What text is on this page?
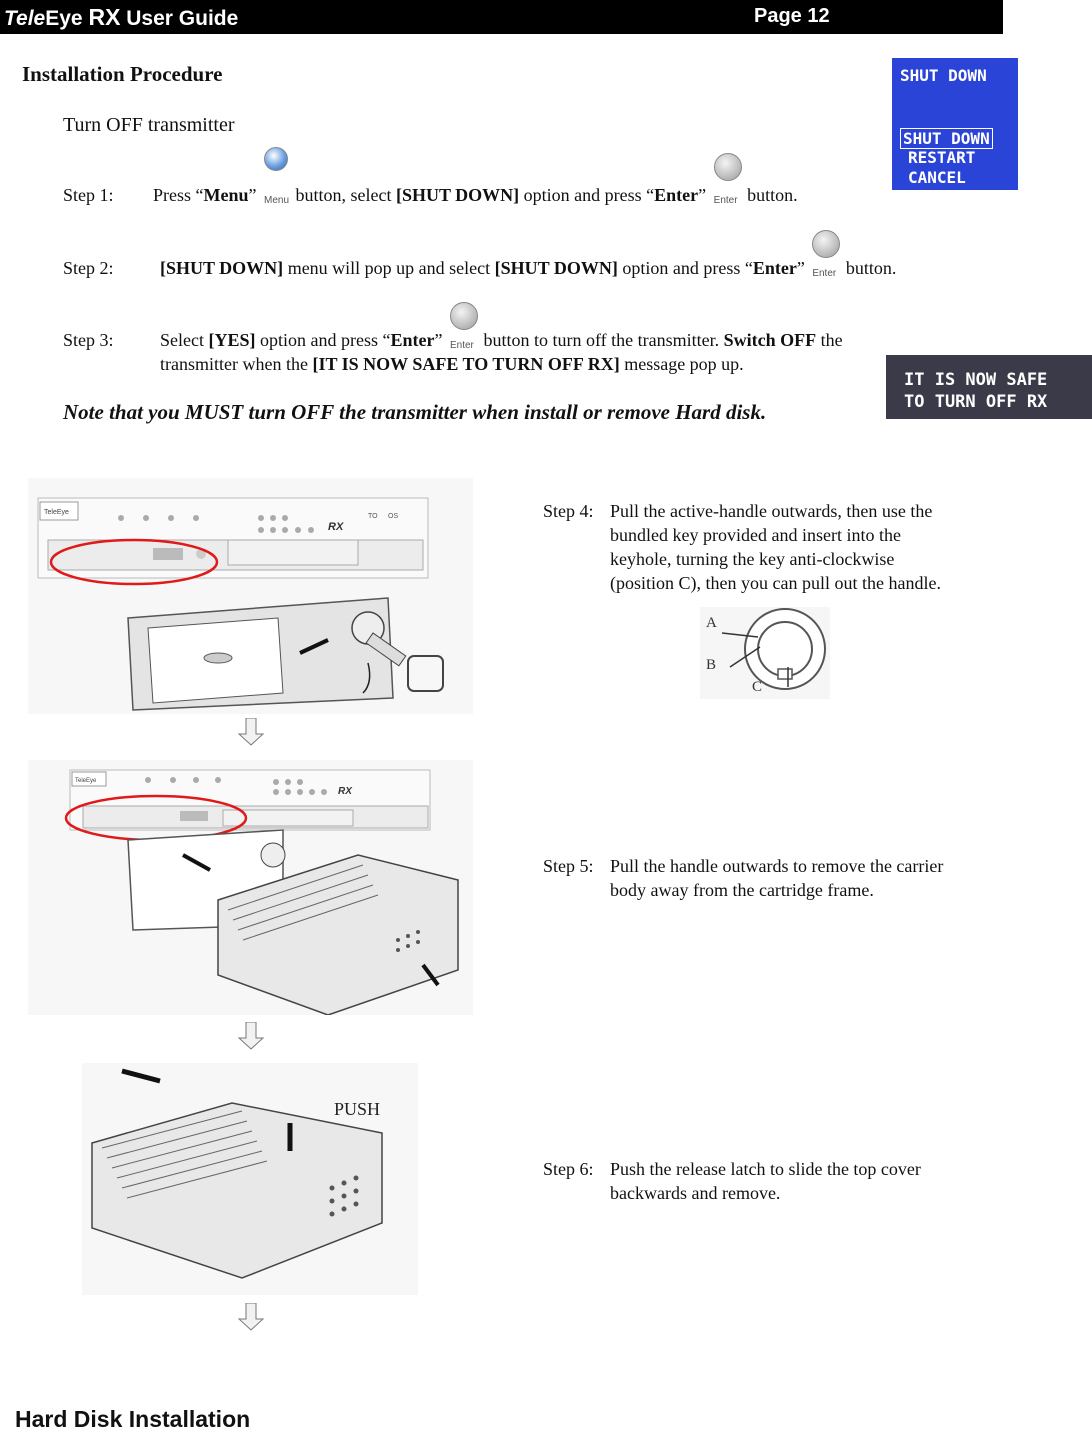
TeleEye RX User Guide	Page 12
Installation Procedure
Turn OFF transmitter
SHUT DOWN
SHUT DOWN
RESTART
CANCEL
Step 1: Press “Menu” Menu button, select [SHUT DOWN] option and press “Enter” Enter button.
Step 2:	[SHUT DOWN] menu will pop up and select [SHUT DOWN] option and press “Enter” Enter button.
Step 3:	Select [YES] option and press “Enter” Enter button to turn off the transmitter. Switch OFF the
transmitter when the [IT IS NOW SAFE TO TURN OFF RX] message pop up.
IT IS NOW SAFE
TO TURN OFF RX
Note that you MUST turn OFF the transmitter when install or remove Hard disk.
TeleEye
RX
TO OS
TeleEye
RX
PUSH
Step 4: Pull the active-handle outwards, then use the
bundled key provided and insert into the
keyhole, turning the key anti-clockwise
(position C), then you can pull out the handle.
A
B
C
Step 5: Pull the handle outwards to remove the carrier
body away from the cartridge frame.
Step 6: Push the release latch to slide the top cover
backwards and remove.
Hard Disk Installation
